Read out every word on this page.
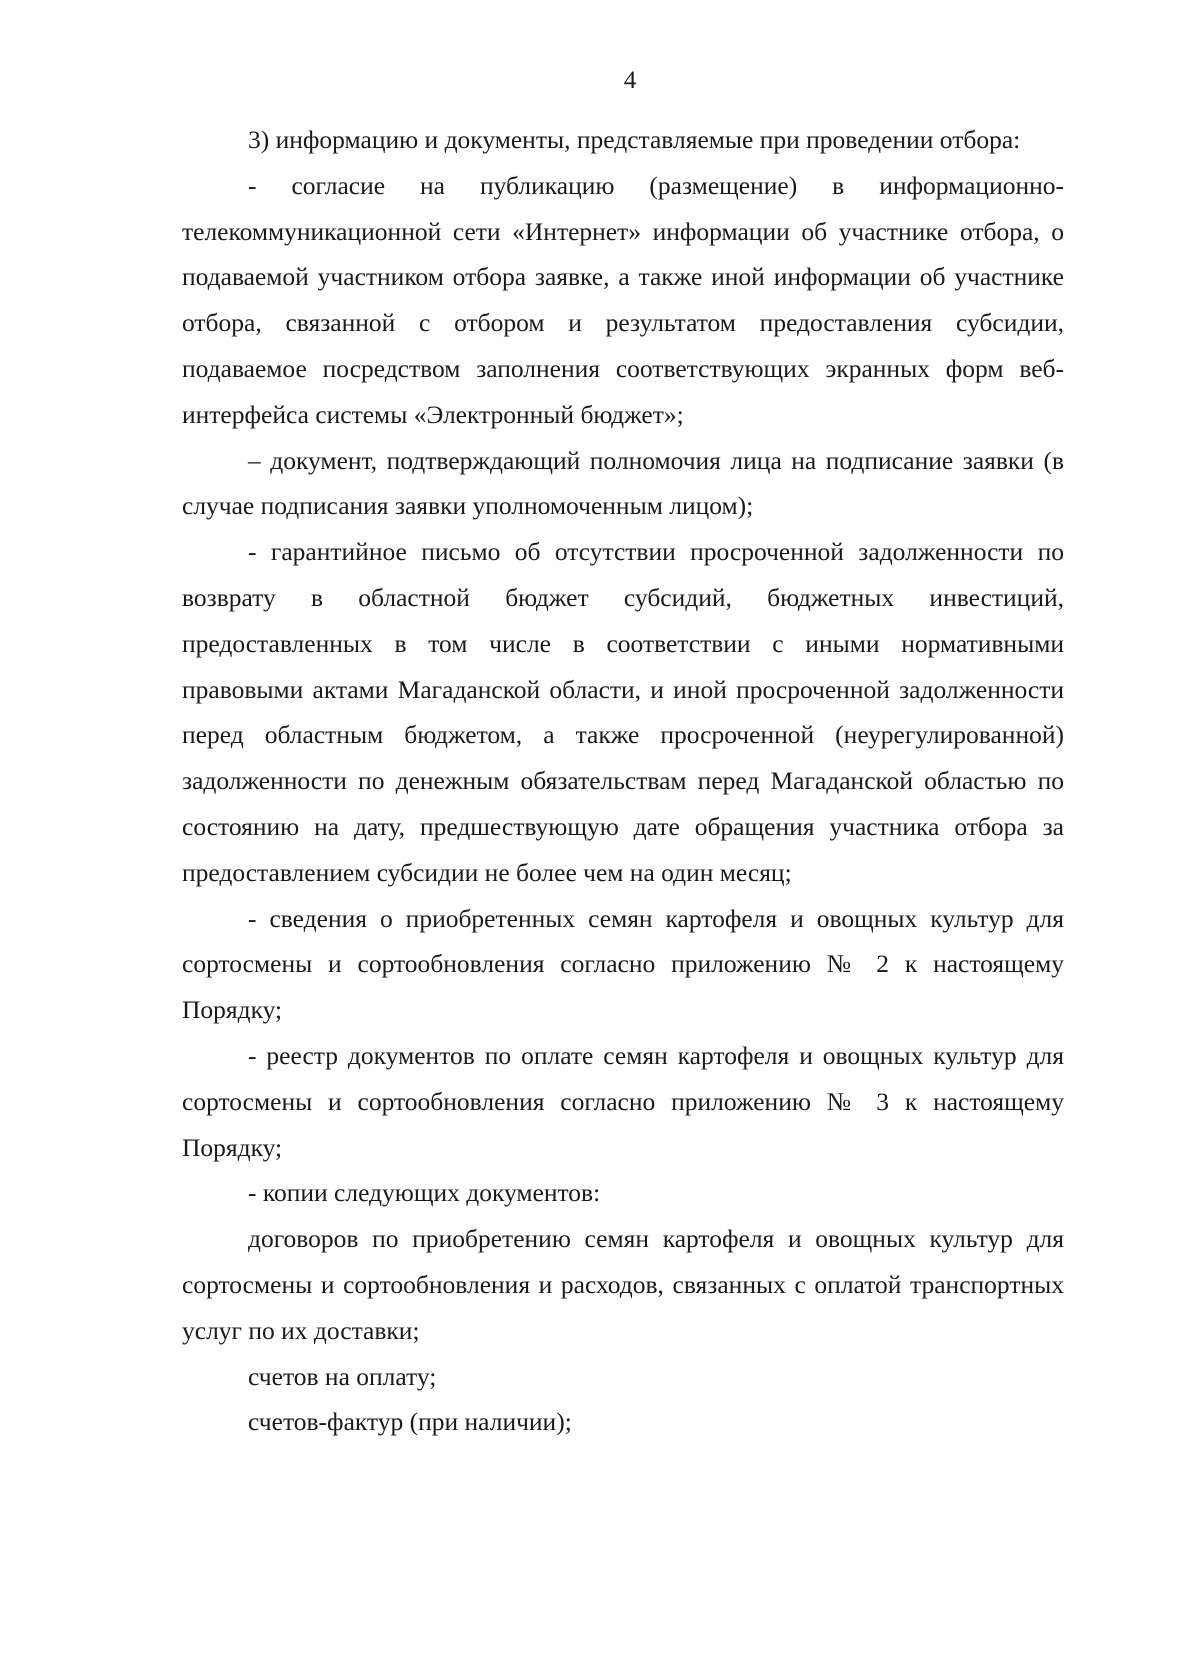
4

3) информацию и документы, представляемые при проведении отбора:

- согласие на публикацию (размещение) в информационно-телекоммуникационной сети «Интернет» информации об участнике отбора, о подаваемой участником отбора заявке, а также иной информации об участнике отбора, связанной с отбором и результатом предоставления субсидии, подаваемое посредством заполнения соответствующих экранных форм веб-интерфейса системы «Электронный бюджет»;

– документ, подтверждающий полномочия лица на подписание заявки (в случае подписания заявки уполномоченным лицом);

- гарантийное письмо об отсутствии просроченной задолженности по возврату в областной бюджет субсидий, бюджетных инвестиций, предоставленных в том числе в соответствии с иными нормативными правовыми актами Магаданской области, и иной просроченной задолженности перед областным бюджетом, а также просроченной (неурегулированной) задолженности по денежным обязательствам перед Магаданской областью по состоянию на дату, предшествующую дате обращения участника отбора за предоставлением субсидии не более чем на один месяц;

- сведения о приобретенных семян картофеля и овощных культур для сортосмены и сортообновления согласно приложению № 2 к настоящему Порядку;

- реестр документов по оплате семян картофеля и овощных культур для сортосмены и сортообновления согласно приложению № 3 к настоящему Порядку;

- копии следующих документов:

договоров по приобретению семян картофеля и овощных культур для сортосмены и сортообновления и расходов, связанных с оплатой транспортных услуг по их доставки;

счетов на оплату;

счетов-фактур (при наличии);
